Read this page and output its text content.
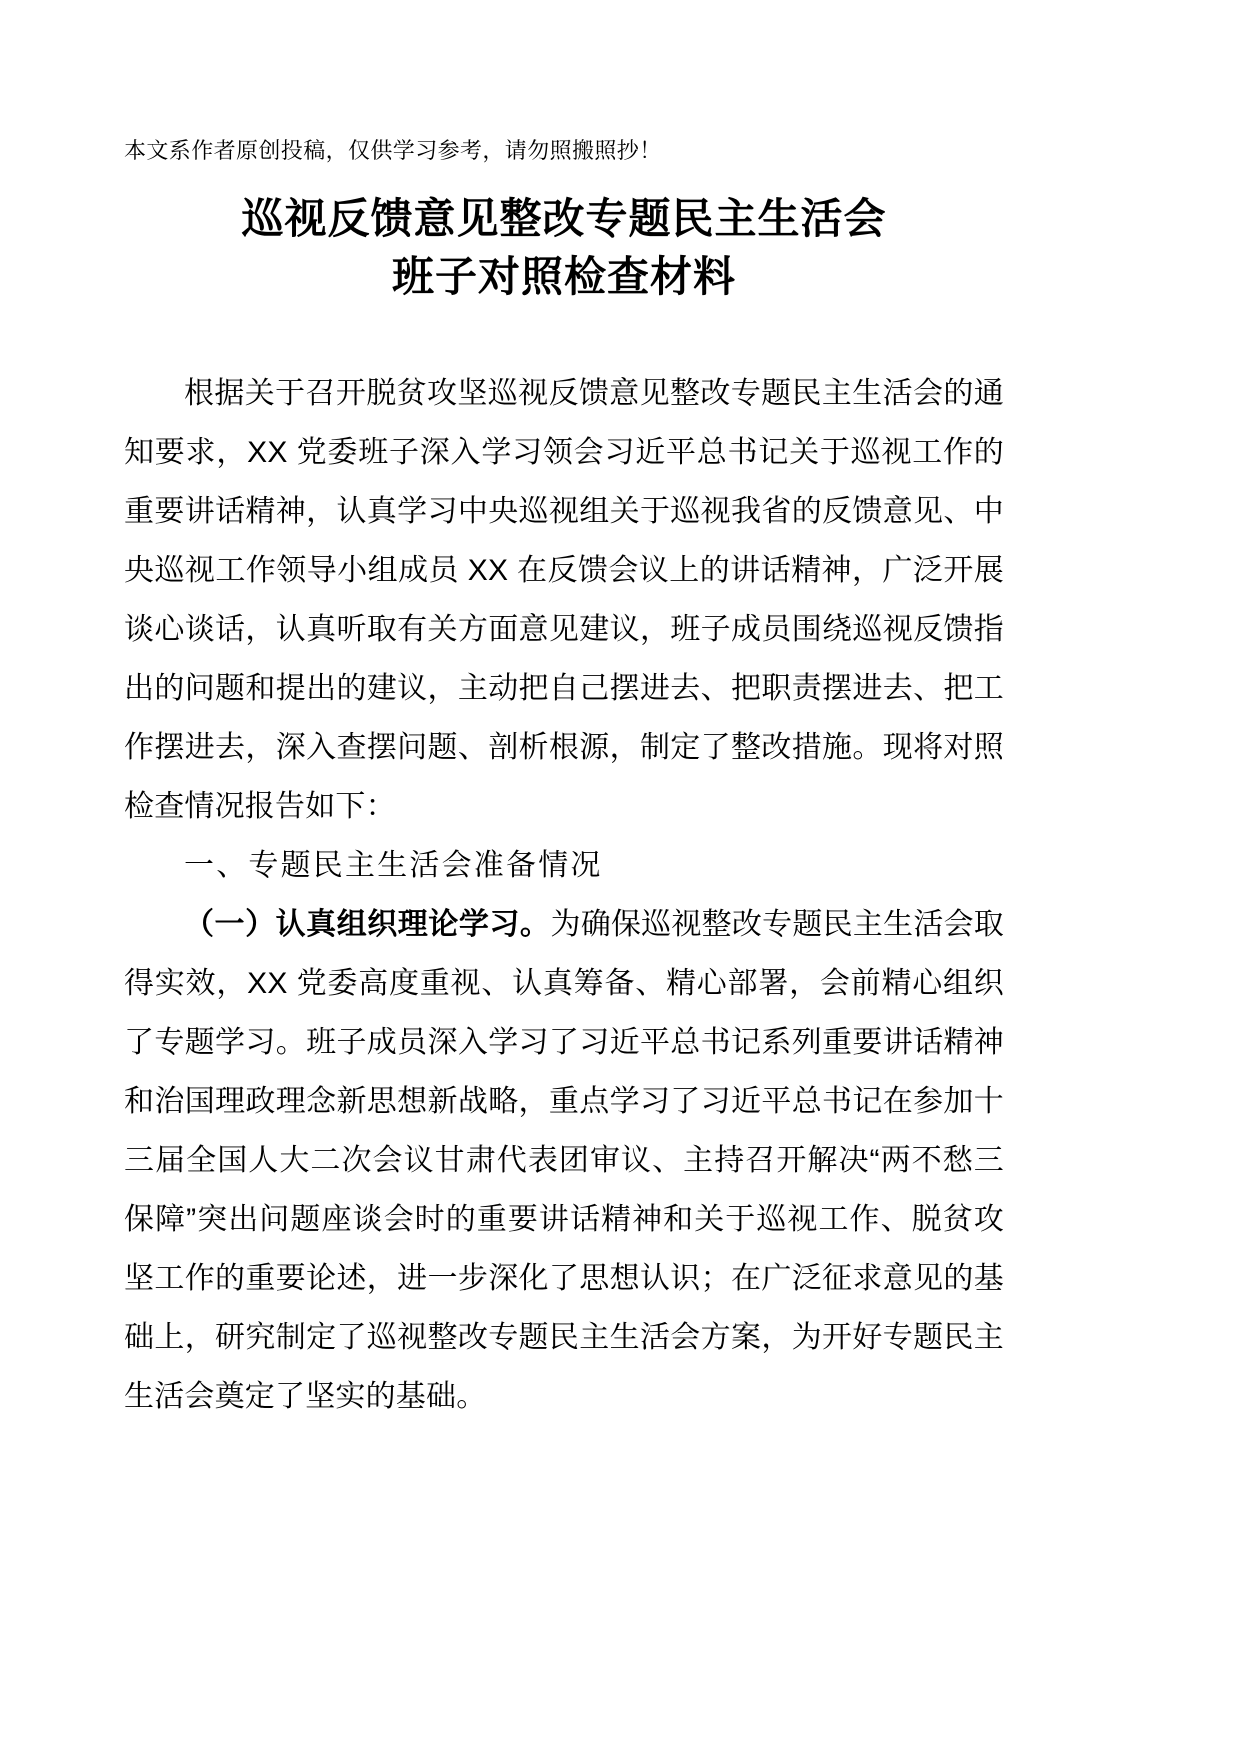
本文系作者原创投稿，仅供学习参考，请勿照搬照抄！
巡视反馈意见整改专题民主生活会
班子对照检查材料

根据关于召开脱贫攻坚巡视反馈意见整改专题民主生活会的通知要求，XX 党委班子深入学习领会习近平总书记关于巡视工作的重要讲话精神，认真学习中央巡视组关于巡视我省的反馈意见、中央巡视工作领导小组成员 XX 在反馈会议上的讲话精神，广泛开展谈心谈话，认真听取有关方面意见建议，班子成员围绕巡视反馈指出的问题和提出的建议，主动把自己摆进去、把职责摆进去、把工作摆进去，深入查摆问题、剖析根源，制定了整改措施。现将对照检查情况报告如下：

一、专题民主生活会准备情况

（一）认真组织理论学习。为确保巡视整改专题民主生活会取得实效，XX 党委高度重视、认真筹备、精心部署，会前精心组织了专题学习。班子成员深入学习了习近平总书记系列重要讲话精神和治国理政理念新思想新战略，重点学习了习近平总书记在参加十三届全国人大二次会议甘肃代表团审议、主持召开解决“两不愁三保障”突出问题座谈会时的重要讲话精神和关于巡视工作、脱贫攻坚工作的重要论述，进一步深化了思想认识；在广泛征求意见的基础上，研究制定了巡视整改专题民主生活会方案，为开好专题民主生活会奠定了坚实的基础。
